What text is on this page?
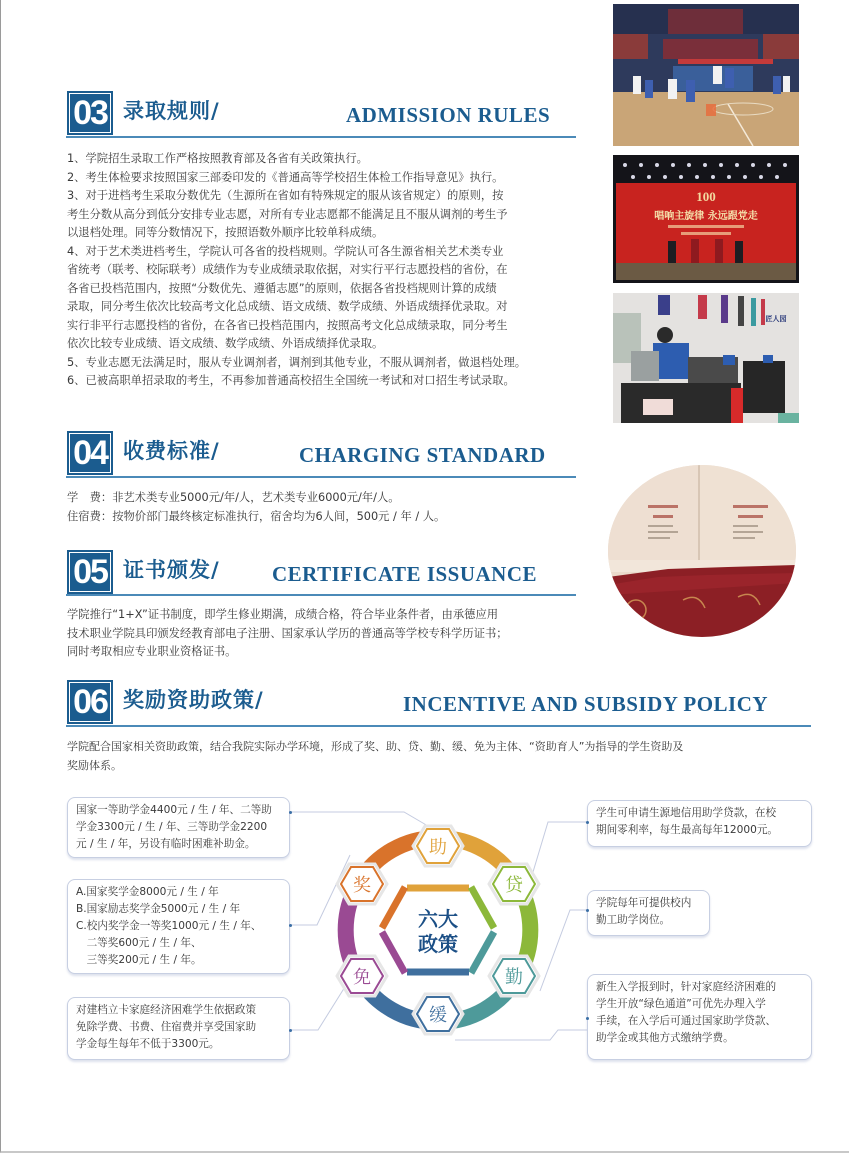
100
唱响主旋律 永远跟党走
匠人园
03 录取规则/	ADMISSION RULES
1、学院招生录取工作严格按照教育部及各省有关政策执行。
2、考生体检要求按照国家三部委印发的《普通高等学校招生体检工作指导意见》执行。
3、对于进档考生采取分数优先（生源所在省如有特殊规定的服从该省规定）的原则，按
考生分数从高分到低分安排专业志愿，对所有专业志愿都不能满足且不服从调剂的考生予
以退档处理。同等分数情况下，按照语数外顺序比较单科成绩。
4、对于艺术类进档考生，学院认可各省的投档规则。学院认可各生源省相关艺术类专业
省统考（联考、校际联考）成绩作为专业成绩录取依据，对实行平行志愿投档的省份，在
各省已投档范围内，按照“分数优先、遵循志愿”的原则，依据各省投档规则计算的成绩
录取，同分考生依次比较高考文化总成绩、语文成绩、数学成绩、外语成绩择优录取。对
实行非平行志愿投档的省份，在各省已投档范围内，按照高考文化总成绩录取，同分考生
依次比较专业成绩、语文成绩、数学成绩、外语成绩择优录取。
5、专业志愿无法满足时，服从专业调剂者，调剂到其他专业，不服从调剂者，做退档处理。
6、已被高职单招录取的考生，不再参加普通高校招生全国统一考试和对口招生考试录取。
04 收费标准/	CHARGING STANDARD
学　费：非艺术类专业5000元/年/人，艺术类专业6000元/年/人。
住宿费：按物价部门最终核定标准执行，宿舍均为6人间，500元 / 年 / 人。
05 证书颁发/ CERTIFICATE ISSUANCE
学院推行“1+X”证书制度，即学生修业期满，成绩合格，符合毕业条件者，由承德应用
技术职业学院具印颁发经教育部电子注册、国家承认学历的普通高等学校专科学历证书；
同时考取相应专业职业资格证书。
06 奖励资助政策/	INCENTIVE AND SUBSIDY POLICY
学院配合国家相关资助政策，结合我院实际办学环境，形成了奖、助、贷、勤、缓、免为主体、“资助育人”为指导的学生资助及
奖励体系。
六大
政策
助
贷
勤
缓
免
奖
国家一等助学金4400元 / 生 / 年、二等助
学金3300元 / 生 / 年、三等助学金2200
元 / 生 / 年，另设有临时困难补助金。
A.国家奖学金8000元 / 生 / 年
B.国家励志奖学金5000元 / 生 / 年
C.校内奖学金一等奖1000元 / 生 / 年、
　二等奖600元 / 生 / 年、
　三等奖200元 / 生 / 年。
对建档立卡家庭经济困难学生依据政策
免除学费、书费、住宿费并享受国家助
学金每生每年不低于3300元。
学生可申请生源地信用助学贷款，在校
期间零利率，每生最高每年12000元。
学院每年可提供校内
勤工助学岗位。
新生入学报到时，针对家庭经济困难的
学生开放“绿色通道”可优先办理入学
手续，在入学后可通过国家助学贷款、
助学金或其他方式缴纳学费。
